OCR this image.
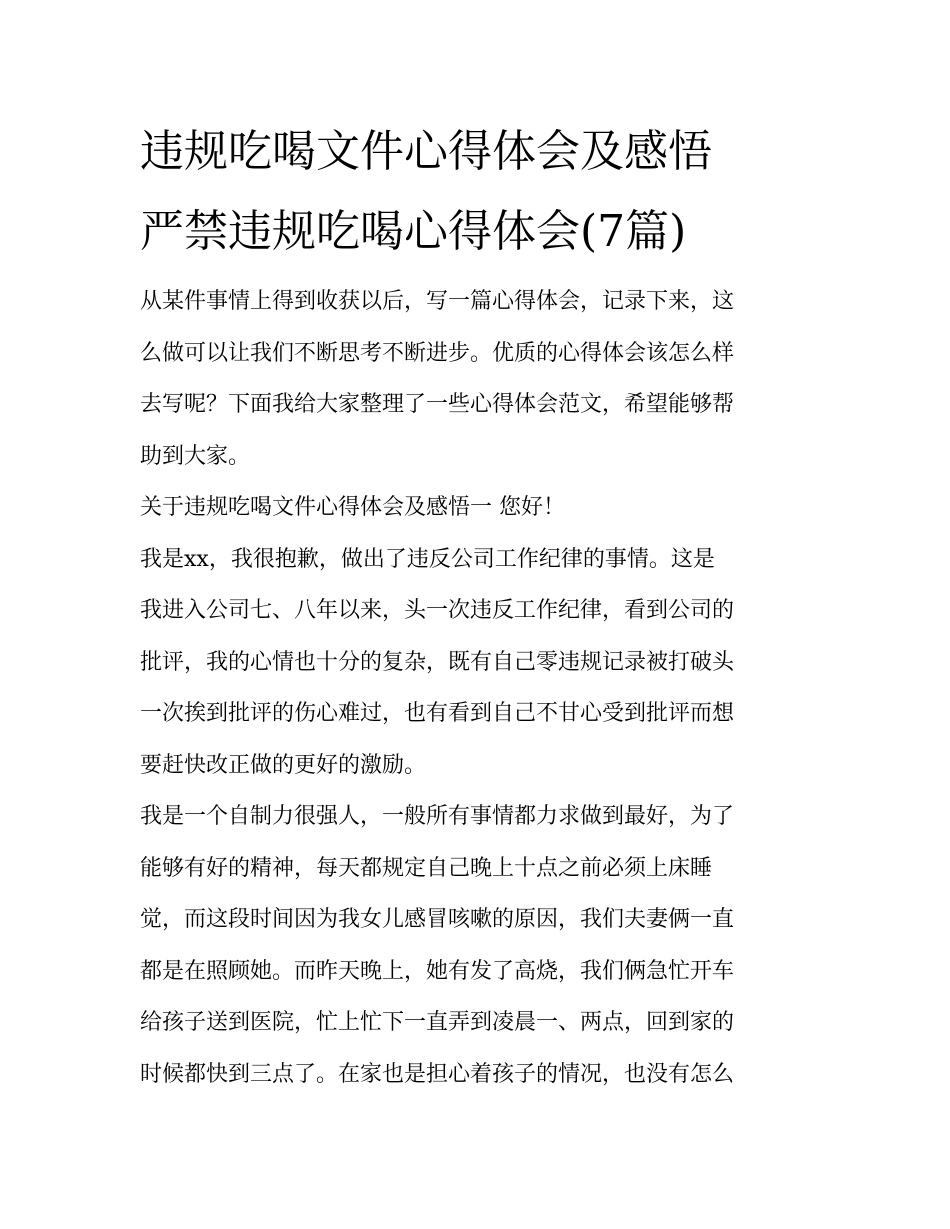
违规吃喝文件心得体会及感悟
严禁违规吃喝心得体会(7篇)
从某件事情上得到收获以后，写一篇心得体会，记录下来，这
么做可以让我们不断思考不断进步。优质的心得体会该怎么样
去写呢？下面我给大家整理了一些心得体会范文，希望能够帮
助到大家。
关于违规吃喝文件心得体会及感悟一 您好！
我是xx，我很抱歉，做出了违反公司工作纪律的事情。这是
我进入公司七、八年以来，头一次违反工作纪律，看到公司的
批评，我的心情也十分的复杂，既有自己零违规记录被打破头
一次挨到批评的伤心难过，也有看到自己不甘心受到批评而想
要赶快改正做的更好的激励。
我是一个自制力很强人，一般所有事情都力求做到最好，为了
能够有好的精神，每天都规定自己晚上十点之前必须上床睡
觉，而这段时间因为我女儿感冒咳嗽的原因，我们夫妻俩一直
都是在照顾她。而昨天晚上，她有发了高烧，我们俩急忙开车
给孩子送到医院，忙上忙下一直弄到凌晨一、两点，回到家的
时候都快到三点了。在家也是担心着孩子的情况，也没有怎么
